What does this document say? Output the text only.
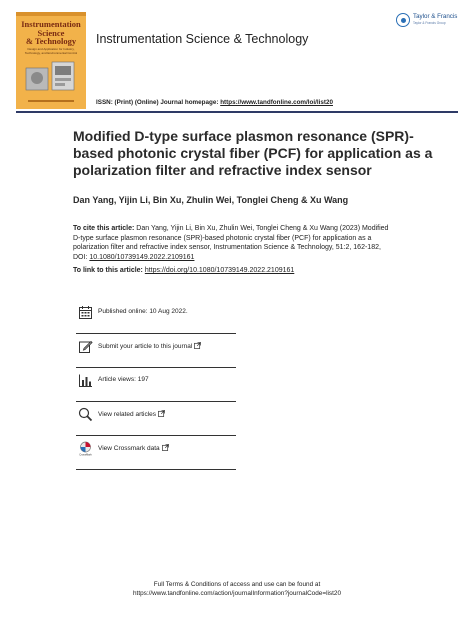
Instrumentation
Science
& Technology
Design and Application for Industry, Technology, and Environmental Control
Instrumentation Science & Technology
Taylor & Francis
Taylor & Francis Group
ISSN: (Print) (Online) Journal homepage: https://www.tandfonline.com/loi/list20
Modified D-type surface plasmon resonance (SPR)-based photonic crystal fiber (PCF) for application as a polarization filter and refractive index sensor
Dan Yang, Yijin Li, Bin Xu, Zhulin Wei, Tonglei Cheng & Xu Wang
To cite this article: Dan Yang, Yijin Li, Bin Xu, Zhulin Wei, Tonglei Cheng & Xu Wang (2023) Modified D-type surface plasmon resonance (SPR)-based photonic crystal fiber (PCF) for application as a polarization filter and refractive index sensor, Instrumentation Science & Technology, 51:2, 162-182, DOI: 10.1080/10739149.2022.2109161
To link to this article: https://doi.org/10.1080/10739149.2022.2109161
Published online: 10 Aug 2022.
Submit your article to this journal
Article views: 197
View related articles
CrossMark
View Crossmark data
Full Terms & Conditions of access and use can be found at
https://www.tandfonline.com/action/journalInformation?journalCode=list20
